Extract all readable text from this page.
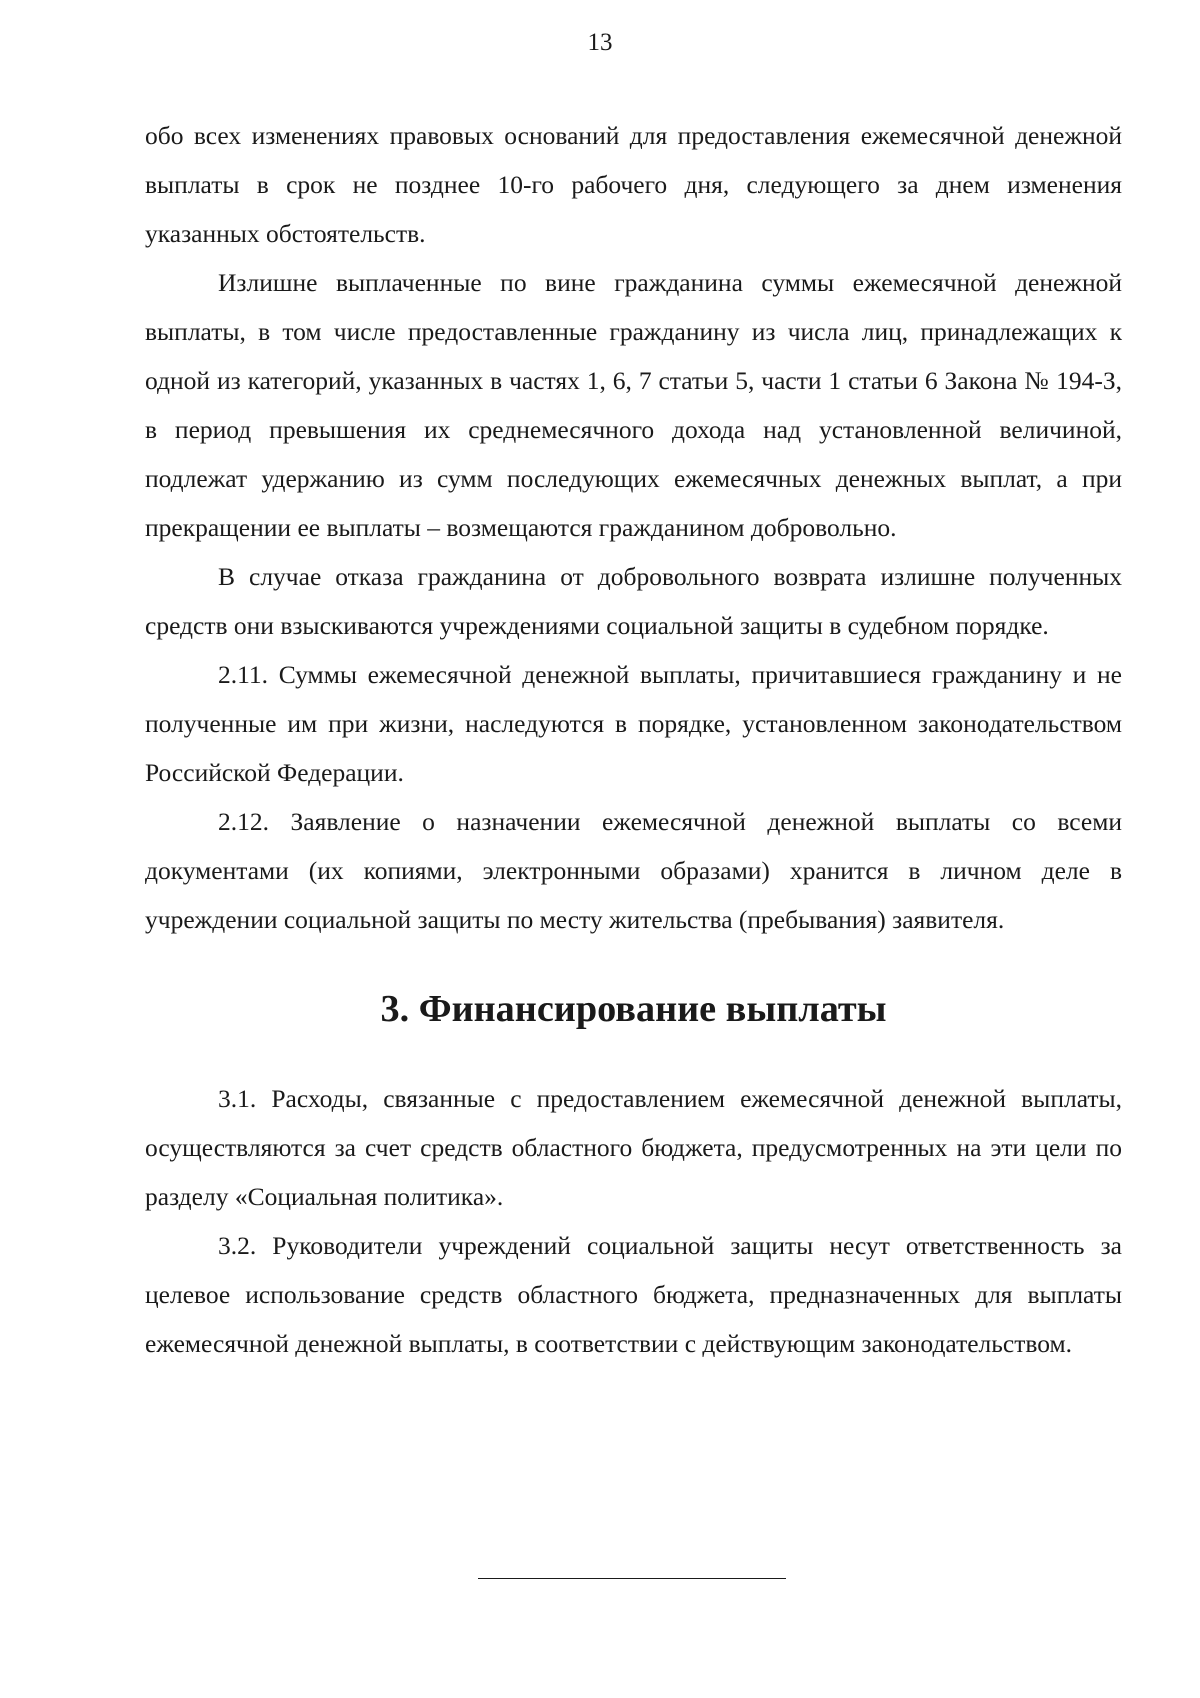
13

обо всех изменениях правовых оснований для предоставления ежемесячной денежной выплаты в срок не позднее 10-го рабочего дня, следующего за днем изменения указанных обстоятельств.

Излишне выплаченные по вине гражданина суммы ежемесячной денежной выплаты, в том числе предоставленные гражданину из числа лиц, принадлежащих к одной из категорий, указанных в частях 1, 6, 7 статьи 5, части 1 статьи 6 Закона № 194-З, в период превышения их среднемесячного дохода над установленной величиной, подлежат удержанию из сумм последующих ежемесячных денежных выплат, а при прекращении ее выплаты – возмещаются гражданином добровольно.

В случае отказа гражданина от добровольного возврата излишне полученных средств они взыскиваются учреждениями социальной защиты в судебном порядке.

2.11. Суммы ежемесячной денежной выплаты, причитавшиеся гражданину и не полученные им при жизни, наследуются в порядке, установленном законодательством Российской Федерации.

2.12. Заявление о назначении ежемесячной денежной выплаты со всеми документами (их копиями, электронными образами) хранится в личном деле в учреждении социальной защиты по месту жительства (пребывания) заявителя.

3. Финансирование выплаты

3.1. Расходы, связанные с предоставлением ежемесячной денежной выплаты, осуществляются за счет средств областного бюджета, предусмотренных на эти цели по разделу «Социальная политика».

3.2. Руководители учреждений социальной защиты несут ответственность за целевое использование средств областного бюджета, предназначенных для выплаты ежемесячной денежной выплаты, в соответствии с действующим законодательством.
